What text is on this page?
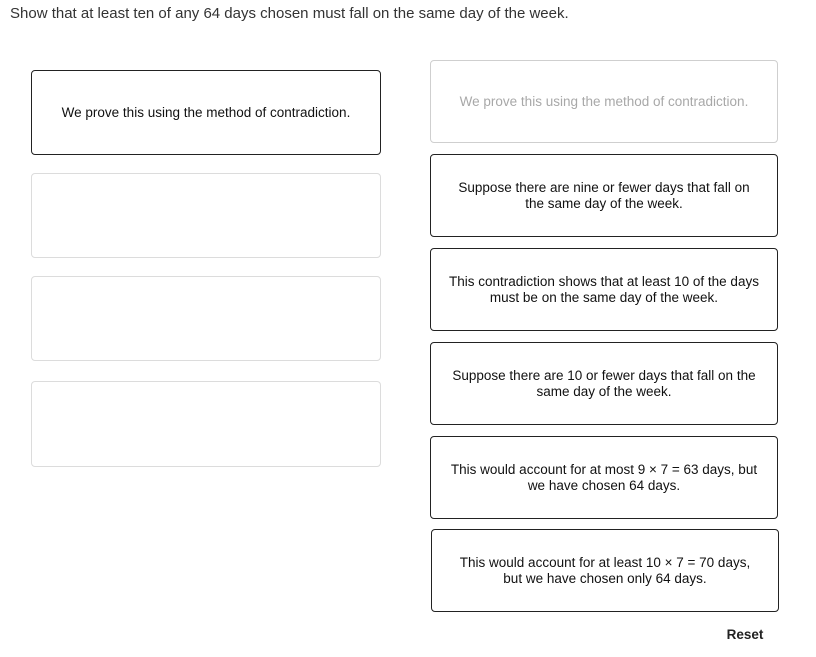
Show that at least ten of any 64 days chosen must fall on the same day of the week.
We prove this using the method of contradiction.
We prove this using the method of contradiction.
Suppose there are nine or fewer days that fall on the same day of the week.
This contradiction shows that at least 10 of the days must be on the same day of the week.
Suppose there are 10 or fewer days that fall on the same day of the week.
This would account for at most 9 × 7 = 63 days, but we have chosen 64 days.
This would account for at least 10 × 7 = 70 days, but we have chosen only 64 days.
Reset
